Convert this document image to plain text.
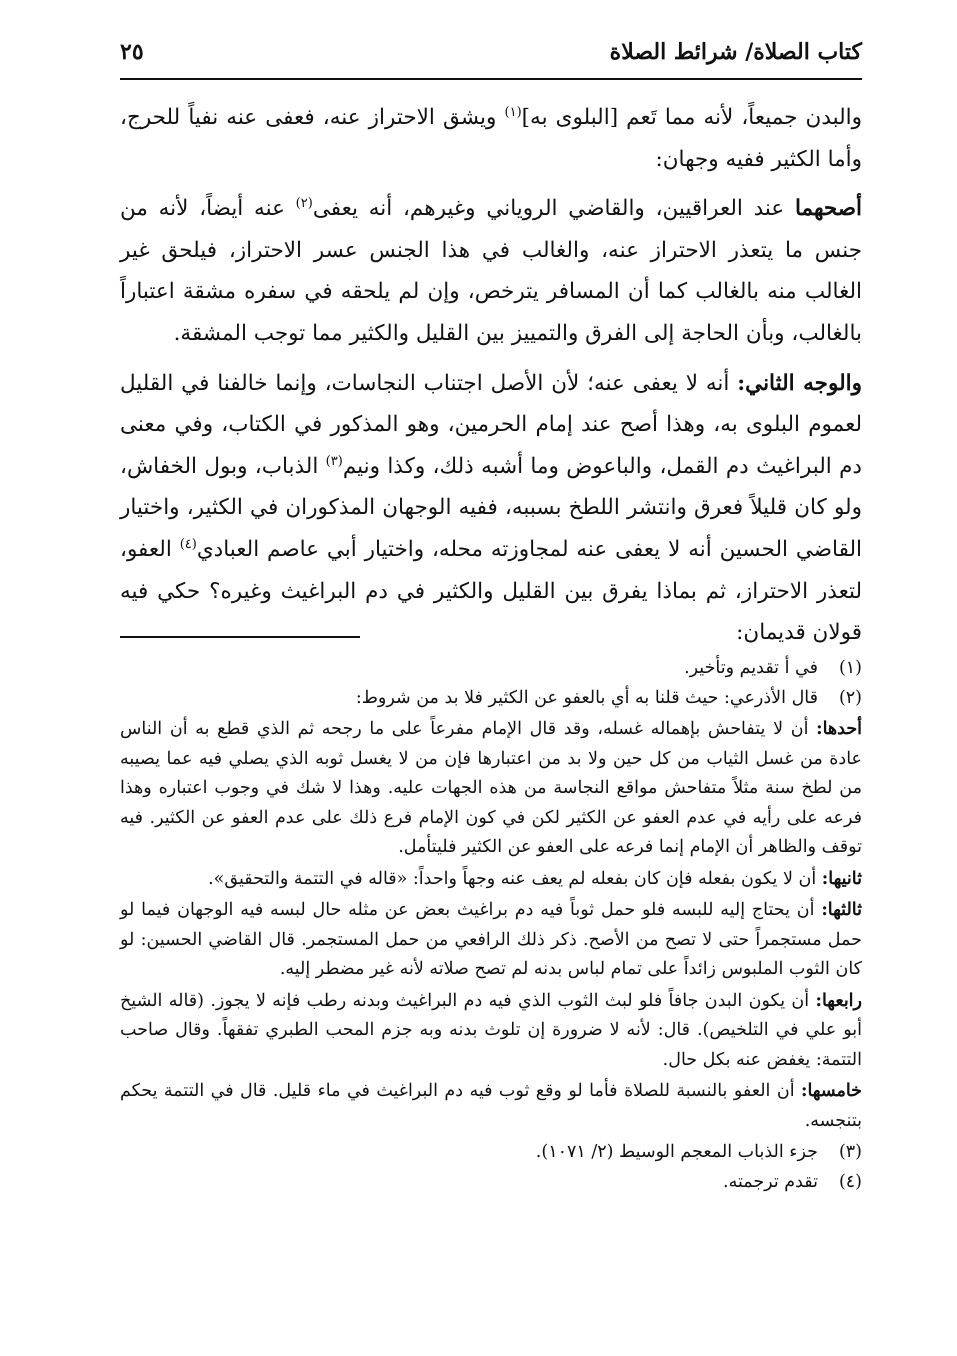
كتاب الصلاة/ شرائط الصلاة
٢٥

والبدن جميعاً، لأنه مما تَعم [البلوى به]$^{(١)}$ ويشق الاحتراز عنه، فعفى عنه نفياً للحرج، وأما الكثير ففيه وجهان:

أصحهما عند العراقيين، والقاضي الروياني وغيرهم، أنه يعفى$^{(٢)}$ عنه أيضاً، لأنه من جنس ما يتعذر الاحتراز عنه، والغالب في هذا الجنس عسر الاحتراز، فيلحق غير الغالب منه بالغالب كما أن المسافر يترخص، وإن لم يلحقه في سفره مشقة اعتباراً بالغالب، وبأن الحاجة إلى الفرق والتمييز بين القليل والكثير مما توجب المشقة.

والوجه الثاني: أنه لا يعفى عنه؛ لأن الأصل اجتناب النجاسات، وإنما خالفنا في القليل لعموم البلوى به، وهذا أصح عند إمام الحرمين، وهو المذكور في الكتاب، وفي معنى دم البراغيث دم القمل، والباعوض وما أشبه ذلك، وكذا ونيم$^{(٣)}$ الذباب، وبول الخفاش، ولو كان قليلاً فعرق وانتشر اللطخ بسببه، ففيه الوجهان المذكوران في الكثير، واختيار القاضي الحسين أنه لا يعفى عنه لمجاوزته محله، واختيار أبي عاصم العبادي$^{(٤)}$ العفو، لتعذر الاحتراز، ثم بماذا يفرق بين القليل والكثير في دم البراغيث وغيره؟ حكي فيه قولان قديمان:

(١)

في أ تقديم وتأخير.

(٢)

قال الأذرعي: حيث قلنا به أي بالعفو عن الكثير فلا بد من شروط:

أحدها: أن لا يتفاحش بإهماله غسله، وقد قال الإمام مفرعاً على ما رجحه ثم الذي قطع به أن الناس عادة من غسل الثياب من كل حين ولا بد من اعتبارها فإن من لا يغسل ثوبه الذي يصلي فيه عما يصيبه من لطخ سنة مثلاً متفاحش مواقع النجاسة من هذه الجهات عليه. وهذا لا شك في وجوب اعتباره وهذا فرعه على رأيه في عدم العفو عن الكثير لكن في كون الإمام فرع ذلك على عدم العفو عن الكثير. فيه توقف والظاهر أن الإمام إنما فرعه على العفو عن الكثير فليتأمل.

ثانيها: أن لا يكون بفعله فإن كان بفعله لم يعف عنه وجهاً واحداً: «قاله في التتمة والتحقيق».

ثالثها: أن يحتاج إليه للبسه فلو حمل ثوباً فيه دم براغيث بعض عن مثله حال لبسه فيه الوجهان فيما لو حمل مستجمراً حتى لا تصح من الأصح. ذكر ذلك الرافعي من حمل المستجمر. قال القاضي الحسين: لو كان الثوب الملبوس زائداً على تمام لباس بدنه لم تصح صلاته لأنه غير مضطر إليه.

رابعها: أن يكون البدن جافاً فلو لبث الثوب الذي فيه دم البراغيث وبدنه رطب فإنه لا يجوز. (قاله الشيخ أبو علي في التلخيص). قال: لأنه لا ضرورة إن تلوث بدنه وبه جزم المحب الطبري تفقهاً. وقال صاحب التتمة: يغفض عنه بكل حال.

خامسها: أن العفو بالنسبة للصلاة فأما لو وقع ثوب فيه دم البراغيث في ماء قليل. قال في التتمة يحكم بتنجسه.

(٣)

جزء الذباب المعجم الوسيط (٢/ ١٠٧١).

(٤)

تقدم ترجمته.
